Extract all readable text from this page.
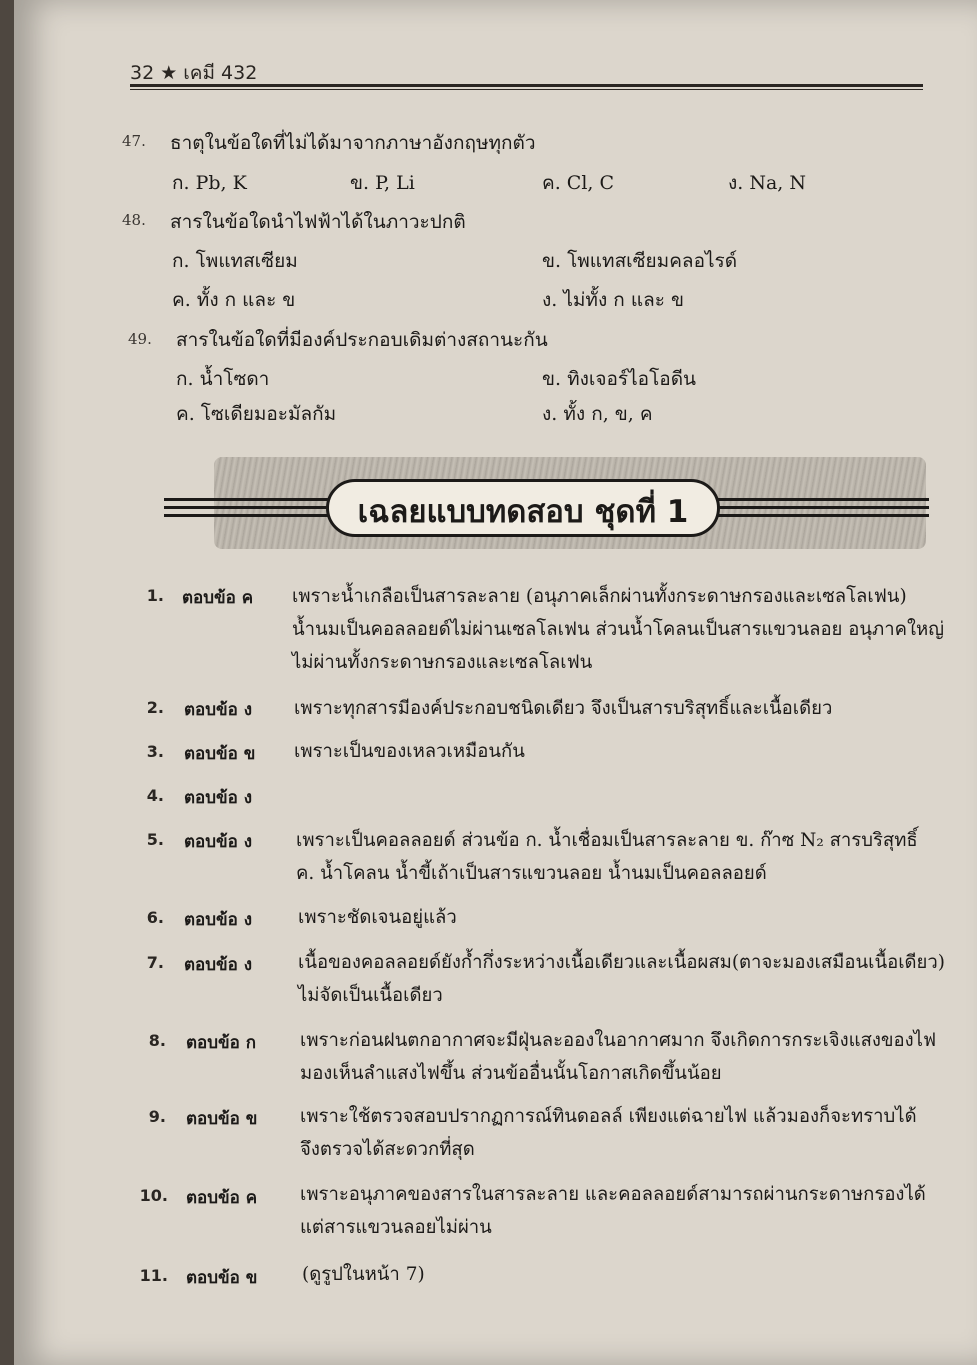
32 ★ เคมี 432
47. ธาตุในข้อใดที่ไม่ได้มาจากภาษาอังกฤษทุกตัว
ก. Pb, K	ข. P, Li	ค. Cl, C	ง. Na, N
48. สารในข้อใดนำไฟฟ้าได้ในภาวะปกติ
ก. โพแทสเซียม	ข. โพแทสเซียมคลอไรด์
ค. ทั้ง ก และ ข	ง. ไม่ทั้ง ก และ ข
49. สารในข้อใดที่มีองค์ประกอบเดิมต่างสถานะกัน
ก. น้ำโซดา	ข. ทิงเจอร์ไอโอดีน
ค. โซเดียมอะมัลกัม	ง. ทั้ง ก, ข, ค
เฉลยแบบทดสอบ ชุดที่ 1
1. ตอบข้อ ค เพราะน้ำเกลือเป็นสารละลาย (อนุภาคเล็กผ่านทั้งกระดาษกรองและเซลโลเฟน)
น้ำนมเป็นคอลลอยด์ไม่ผ่านเซลโลเฟน ส่วนน้ำโคลนเป็นสารแขวนลอย อนุภาคใหญ่
ไม่ผ่านทั้งกระดาษกรองและเซลโลเฟน
2. ตอบข้อ ง เพราะทุกสารมีองค์ประกอบชนิดเดียว จึงเป็นสารบริสุทธิ์และเนื้อเดียว
3. ตอบข้อ ข เพราะเป็นของเหลวเหมือนกัน
4. ตอบข้อ ง
5. ตอบข้อ ง เพราะเป็นคอลลอยด์ ส่วนข้อ ก. น้ำเชื่อมเป็นสารละลาย ข. ก๊าซ N₂ สารบริสุทธิ์
ค. น้ำโคลน น้ำขี้เถ้าเป็นสารแขวนลอย น้ำนมเป็นคอลลอยด์
6. ตอบข้อ ง เพราะชัดเจนอยู่แล้ว
7. ตอบข้อ ง เนื้อของคอลลอยด์ยังก้ำกึ่งระหว่างเนื้อเดียวและเนื้อผสม(ตาจะมองเสมือนเนื้อเดียว)
ไม่จัดเป็นเนื้อเดียว
8. ตอบข้อ ก เพราะก่อนฝนตกอากาศจะมีฝุ่นละอองในอากาศมาก จึงเกิดการกระเจิงแสงของไฟ
มองเห็นลำแสงไฟขึ้น ส่วนข้ออื่นนั้นโอกาสเกิดขึ้นน้อย
9. ตอบข้อ ข เพราะใช้ตรวจสอบปรากฏการณ์ทินดอลล์ เพียงแต่ฉายไฟ แล้วมองก็จะทราบได้
จึงตรวจได้สะดวกที่สุด
10. ตอบข้อ ค เพราะอนุภาคของสารในสารละลาย และคอลลอยด์สามารถผ่านกระดาษกรองได้
แต่สารแขวนลอยไม่ผ่าน
11. ตอบข้อ ข (ดูรูปในหน้า 7)
